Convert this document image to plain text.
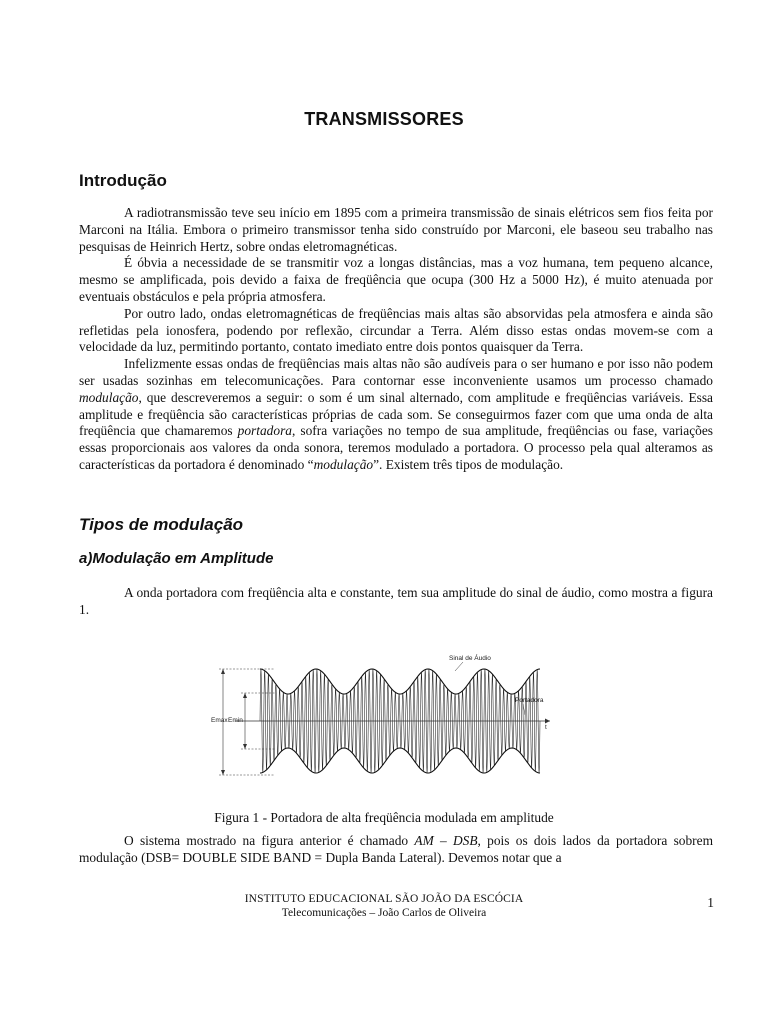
TRANSMISSORES
Introdução

A radiotransmissão teve seu início em 1895 com a primeira transmissão de sinais elétricos sem fios feita por Marconi na Itália. Embora o primeiro transmissor tenha sido construído por Marconi, ele baseou seu trabalho nas pesquisas de Heinrich Hertz, sobre ondas eletromagnéticas.

É óbvia a necessidade de se transmitir voz a longas distâncias, mas a voz humana, tem pequeno alcance, mesmo se amplificada, pois devido a faixa de freqüência que ocupa (300 Hz a 5000 Hz), é muito atenuada por eventuais obstáculos e pela própria atmosfera.

Por outro lado, ondas eletromagnéticas de freqüências mais altas são absorvidas pela atmosfera e ainda são refletidas pela ionosfera, podendo por reflexão, circundar a Terra. Além disso estas ondas movem-se com a velocidade da luz, permitindo portanto, contato imediato entre dois pontos quaisquer da Terra.

Infelizmente essas ondas de freqüências mais altas não são audíveis para o ser humano e por isso não podem ser usadas sozinhas em telecomunicações. Para contornar esse inconveniente usamos um processo chamado modulação, que descreveremos a seguir: o som é um sinal alternado, com amplitude e freqüências variáveis. Essa amplitude e freqüência são características próprias de cada som. Se conseguirmos fazer com que uma onda de alta freqüência que chamaremos portadora, sofra variações no tempo de sua amplitude, freqüências ou fase, variações essas proporcionais aos valores da onda sonora, teremos modulado a portadora. O processo pela qual alteramos as características da portadora é denominado “modulação”. Existem três tipos de modulação.

Tipos de modulação
a)Modulação em Amplitude

A onda portadora com freqüência alta e constante, tem sua amplitude do sinal de áudio, como mostra a figura 1.

t
Emax Emin
Sinal de Áudio
Portadora
Figura 1 - Portadora de alta freqüência modulada em amplitude

O sistema mostrado na figura anterior é chamado AM – DSB, pois os dois lados da portadora sobrem modulação (DSB= DOUBLE SIDE BAND = Dupla Banda Lateral). Devemos notar que a

INSTITUTO EDUCACIONAL SÃO JOÃO DA ESCÓCIA
Telecomunicações – João Carlos de Oliveira
1
